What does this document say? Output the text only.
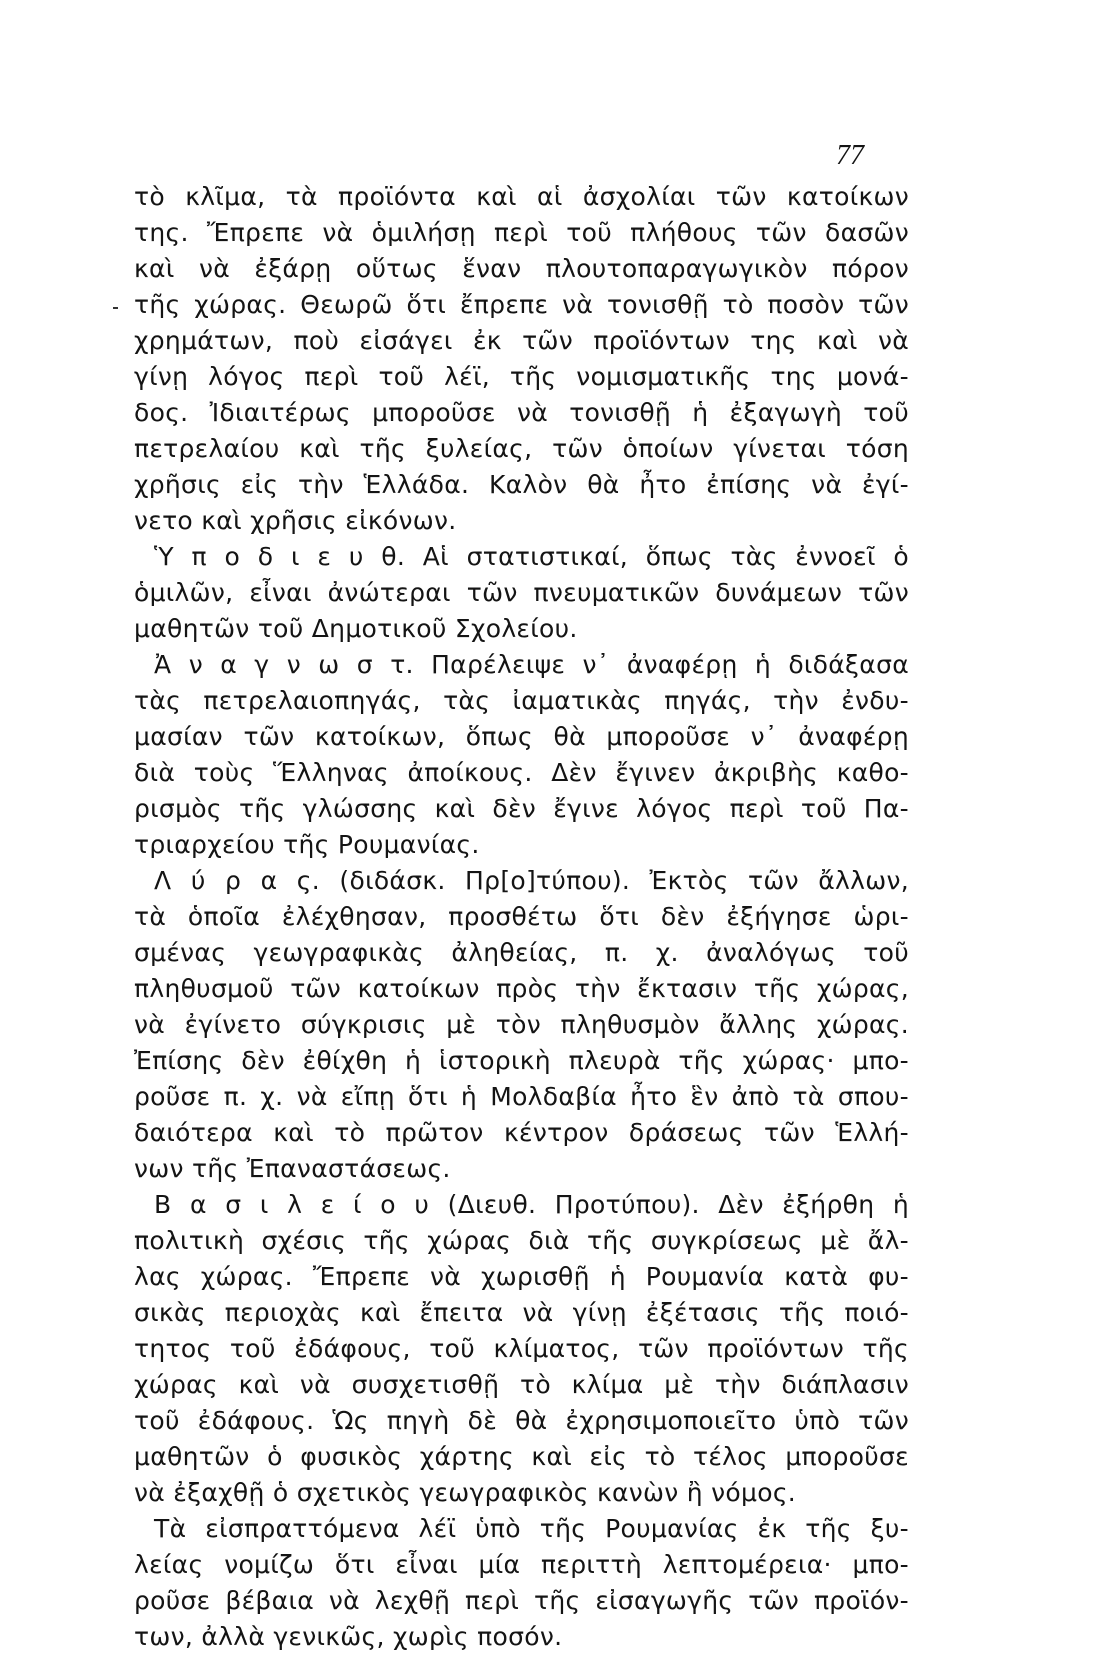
77
τὸ κλῖμα, τὰ προϊόντα καὶ αἱ ἀσχολίαι τῶν κατοίκων
της. Ἔπρεπε νὰ ὁμιλήσῃ περὶ τοῦ πλήθους τῶν δασῶν
καὶ νὰ ἐξάρῃ οὕτως ἕναν πλουτοπαραγωγικὸν πόρον
τῆς χώρας. Θεωρῶ ὅτι ἔπρεπε νὰ τονισθῇ τὸ ποσὸν τῶν
χρημάτων, ποὺ εἰσάγει ἐκ τῶν προϊόντων της καὶ νὰ
γίνῃ λόγος περὶ τοῦ λέϊ, τῆς νομισματικῆς της μονά-
δος. Ἰδιαιτέρως μποροῦσε νὰ τονισθῇ ἡ ἐξαγωγὴ τοῦ
πετρελαίου καὶ τῆς ξυλείας, τῶν ὁποίων γίνεται τόση
χρῆσις εἰς τὴν Ἑλλάδα. Καλὸν θὰ ἦτο ἐπίσης νὰ ἐγί-
νετο καὶ χρῆσις εἰκόνων.
Ὑ π ο δ ι ε υ θ. Αἱ στατιστικαί, ὅπως τὰς ἐννοεῖ ὁ
ὁμιλῶν, εἶναι ἀνώτεραι τῶν πνευματικῶν δυνάμεων τῶν
μαθητῶν τοῦ Δημοτικοῦ Σχολείου.
Ἀ ν α γ ν ω σ τ. Παρέλειψε ν᾽ ἀναφέρῃ ἡ διδάξασα
τὰς πετρελαιοπηγάς, τὰς ἰαματικὰς πηγάς, τὴν ἐνδυ-
μασίαν τῶν κατοίκων, ὅπως θὰ μποροῦσε ν᾽ ἀναφέρῃ
διὰ τοὺς Ἕλληνας ἀποίκους. Δὲν ἔγινεν ἀκριβὴς καθο-
ρισμὸς τῆς γλώσσης καὶ δὲν ἔγινε λόγος περὶ τοῦ Πα-
τριαρχείου τῆς Ρουμανίας.
Λ ύ ρ α ς. (διδάσκ. Πρ[ο]τύπου). Ἐκτὸς τῶν ἄλλων,
τὰ ὁποῖα ἐλέχθησαν, προσθέτω ὅτι δὲν ἐξήγησε ὡρι-
σμένας γεωγραφικὰς ἀληθείας, π. χ. ἀναλόγως τοῦ
πληθυσμοῦ τῶν κατοίκων πρὸς τὴν ἔκτασιν τῆς χώρας,
νὰ ἐγίνετο σύγκρισις μὲ τὸν πληθυσμὸν ἄλλης χώρας.
Ἐπίσης δὲν ἐθίχθη ἡ ἱστορικὴ πλευρὰ τῆς χώρας· μπο-
ροῦσε π. χ. νὰ εἴπῃ ὅτι ἡ Μολδαβία ἦτο ἓν ἀπὸ τὰ σπου-
δαιότερα καὶ τὸ πρῶτον κέντρον δράσεως τῶν Ἑλλή-
νων τῆς Ἐπαναστάσεως.
Β α σ ι λ ε ί ο υ (Διευθ. Προτύπου). Δὲν ἐξήρθη ἡ
πολιτικὴ σχέσις τῆς χώρας διὰ τῆς συγκρίσεως μὲ ἄλ-
λας χώρας. Ἔπρεπε νὰ χωρισθῇ ἡ Ρουμανία κατὰ φυ-
σικὰς περιοχὰς καὶ ἔπειτα νὰ γίνῃ ἐξέτασις τῆς ποιό-
τητος τοῦ ἐδάφους, τοῦ κλίματος, τῶν προϊόντων τῆς
χώρας καὶ νὰ συσχετισθῇ τὸ κλίμα μὲ τὴν διάπλασιν
τοῦ ἐδάφους. Ὡς πηγὴ δὲ θὰ ἐχρησιμοποιεῖτο ὑπὸ τῶν
μαθητῶν ὁ φυσικὸς χάρτης καὶ εἰς τὸ τέλος μποροῦσε
νὰ ἐξαχθῇ ὁ σχετικὸς γεωγραφικὸς κανὼν ἢ νόμος.
Τὰ εἰσπραττόμενα λέϊ ὑπὸ τῆς Ρουμανίας ἐκ τῆς ξυ-
λείας νομίζω ὅτι εἶναι μία περιττὴ λεπτομέρεια· μπο-
ροῦσε βέβαια νὰ λεχθῇ περὶ τῆς εἰσαγωγῆς τῶν προϊόν-
των, ἀλλὰ γενικῶς, χωρὶς ποσόν.
